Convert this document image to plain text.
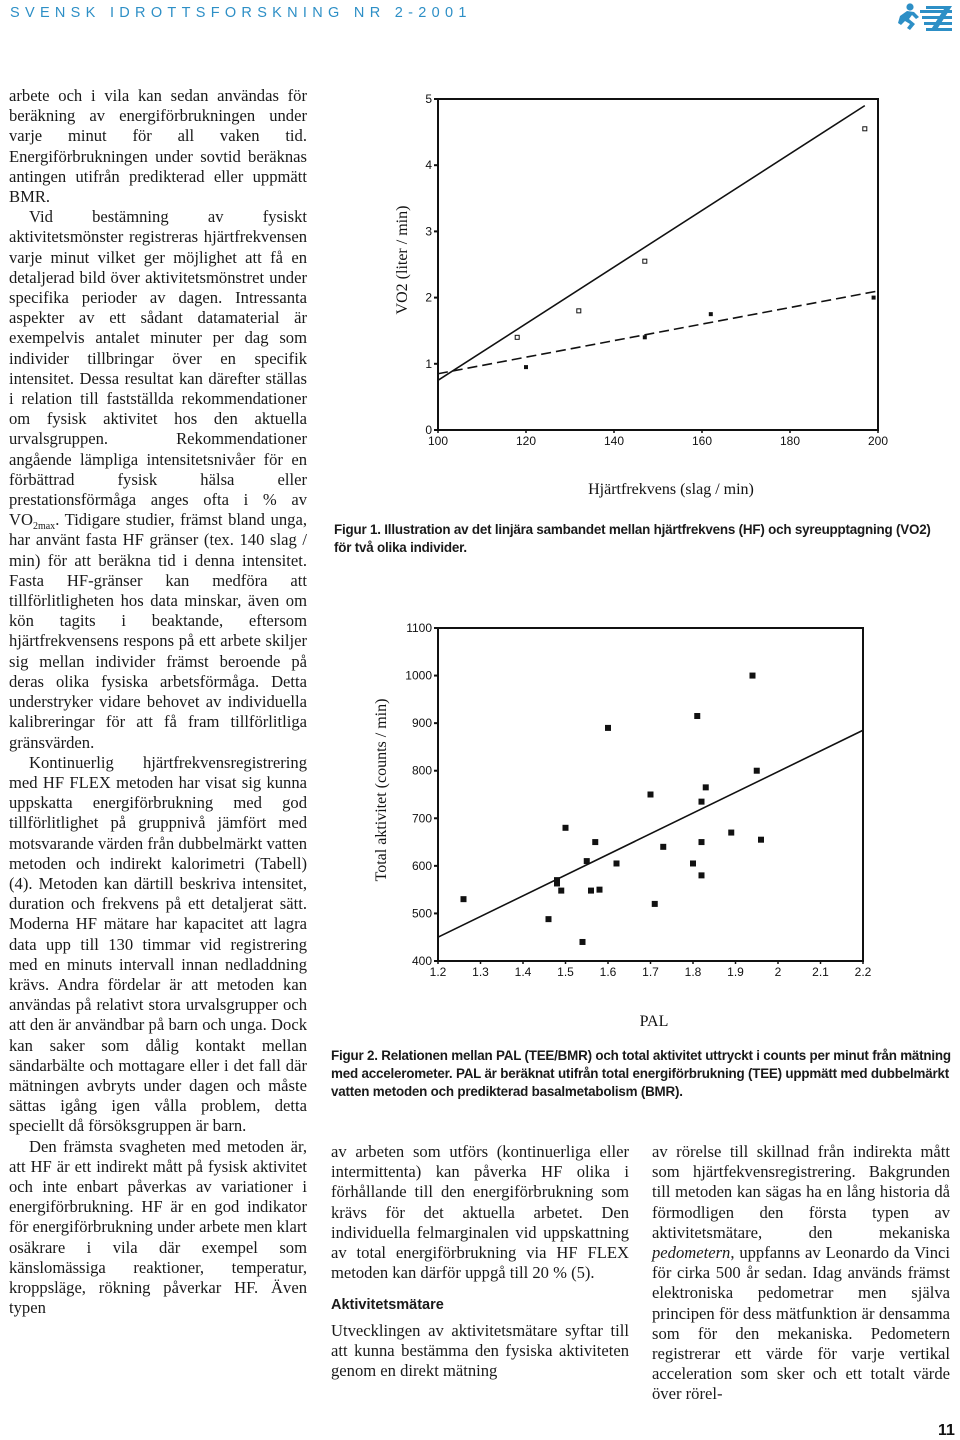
SVENSK IDROTTSFORSKNING NR 2-2001

arbete och i vila kan sedan användas för beräkning av energiförbrukningen under varje minut för all vaken tid. Energiförbrukningen under sovtid beräknas antingen utifrån predikterad eller uppmätt BMR.

Vid bestämning av fysiskt aktivitetsmönster registreras hjärtfrekvensen varje minut vilket ger möjlighet att få en detaljerad bild över aktivitetsmönstret under specifika perioder av dagen. Intressanta aspekter av ett sådant datamaterial är exempelvis antalet minuter per dag som individer tillbringar över en specifik intensitet. Dessa resultat kan därefter ställas i relation till fastställda rekommendationer om fysisk aktivitet hos den aktuella urvalsgruppen. Rekommendationer angående lämpliga intensitetsnivåer för en förbättrad fysisk hälsa eller prestationsförmåga anges ofta i % av $VO_{2max}$. Tidigare studier, främst bland unga, har använt fasta HF gränser (tex. 140 slag / min) för att beräkna tid i denna intensitet. Fasta HF-gränser kan medföra att tillförlitligheten hos data minskar, även om kön tagits i beaktande, eftersom hjärtfrekvensens respons på ett arbete skiljer sig mellan individer främst beroende på deras olika fysiska arbetsförmåga. Detta understryker vidare behovet av individuella kalibreringar för att få fram tillförlitliga gränsvärden.

Kontinuerlig hjärtfrekvensregistrering med HF FLEX metoden har visat sig kunna uppskatta energiförbrukning med god tillförlitlighet på gruppnivå jämfört med motsvarande värden från dubbelmärkt vatten metoden och indirekt kalorimetri (Tabell) (4). Metoden kan därtill beskriva intensitet, duration och frekvens på ett detaljerat sätt. Moderna HF mätare har kapacitet att lagra data upp till 130 timmar vid registrering med en minuts intervall innan nedladdning krävs. Andra fördelar är att metoden kan användas på relativt stora urvalsgrupper och att den är användbar på barn och unga. Dock kan saker som dålig kontakt mellan sändarbälte och mottagare eller i det fall där mätningen avbryts under dagen och måste sättas igång igen vålla problem, detta speciellt då försöksgruppen är barn.

Den främsta svagheten med metoden är, att HF är ett indirekt mått på fysisk aktivitet och inte enbart påverkas av variationer i energiförbrukning. HF är en god indikator för energiförbrukning under arbete men klart osäkrare i vila där exempel som känslomässiga reaktioner, temperatur, kroppsläge, rökning påverkar HF. Även typen

av arbeten som utförs (kontinuerliga eller intermittenta) kan påverka HF olika i förhållande till den energiförbrukning som krävs för det aktuella arbetet. Den individuella felmarginalen vid uppskattning av total energiförbrukning via HF FLEX metoden kan därför uppgå till 20 % (5).

Aktivitetsmätare

Utvecklingen av aktivitetsmätare syftar till att kunna bestämma den fysiska aktiviteten genom en direkt mätning

av rörelse till skillnad från indirekta mått som hjärtfekvensregistrering. Bakgrunden till metoden kan sägas ha en lång historia då förmodligen den första typen av aktivitetsmätare, den mekaniska pedometern, uppfanns av Leonardo da Vinci för cirka 500 år sedan. Idag används främst elektroniska pedometrar men själva principen för dess mätfunktion är densamma som för den mekaniska. Pedometern registrerar ett värde för varje vertikal acceleration som sker och ett totalt värde över rörel-

0
1
2
3
4
5
100	120	140	160	180	200
Hjärtfrekvens (slag / min)
VO2 (liter / min)
Figur 1. Illustration av det linjära sambandet mellan hjärtfrekvens (HF) och syreupptagning (VO2) för två olika individer.
400
500
600
700
800
900
1000
1100
1.2 1.3 1.4 1.5 1.6 1.7 1.8 1.9	2	2.1 2.2
PAL
Total aktivitet (counts / min)
Figur 2. Relationen mellan PAL (TEE/BMR) och total aktivitet uttryckt i counts per minut från mätning med accelerometer. PAL är beräknat utifrån total energiförbrukning (TEE) uppmätt med dubbelmärkt vatten metoden och predikterad basalmetabolism (BMR).
11
